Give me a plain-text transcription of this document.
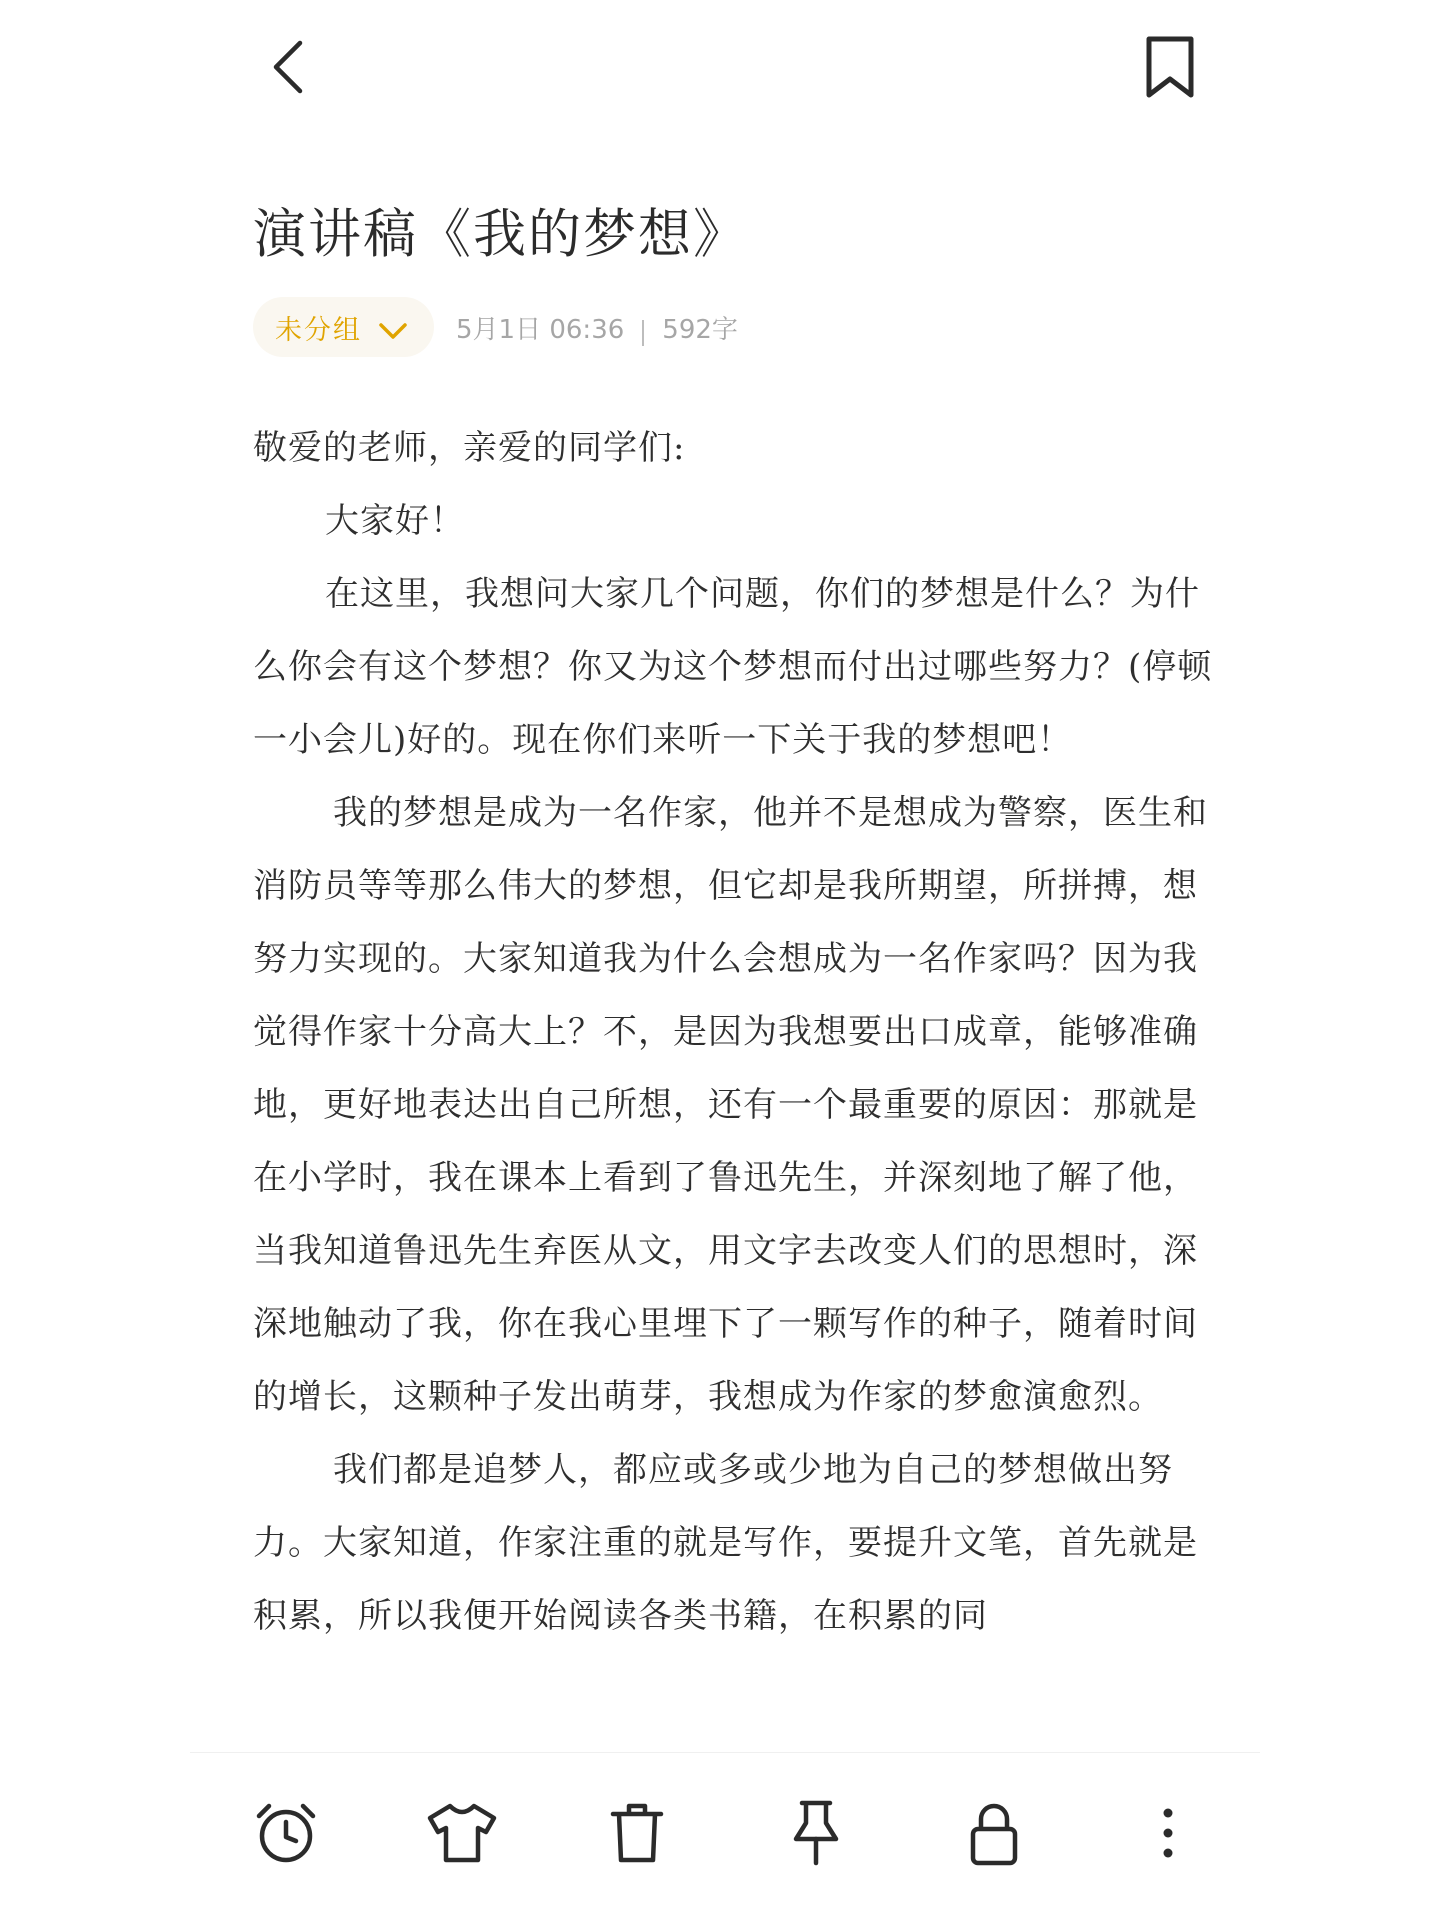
演讲稿《我的梦想》
未分组	5月1日 06:36 592字

敬爱的老师，亲爱的同学们:

大家好！

在这里，我想问大家几个问题，你们的梦想是什么？为什么你会有这个梦想？你又为这个梦想而付出过哪些努力？(停顿一小会儿)好的。现在你们来听一下关于我的梦想吧！

我的梦想是成为一名作家，他并不是想成为警察，医生和消防员等等那么伟大的梦想，但它却是我所期望，所拼搏，想努力实现的。大家知道我为什么会想成为一名作家吗？因为我觉得作家十分高大上？不，是因为我想要出口成章，能够准确地，更好地表达出自己所想，还有一个最重要的原因：那就是在小学时，我在课本上看到了鲁迅先生，并深刻地了解了他，当我知道鲁迅先生弃医从文，用文字去改变人们的思想时，深深地触动了我，你在我心里埋下了一颗写作的种子，随着时间的增长，这颗种子发出萌芽，我想成为作家的梦愈演愈烈。

我们都是追梦人，都应或多或少地为自己的梦想做出努力。大家知道，作家注重的就是写作，要提升文笔，首先就是积累，所以我便开始阅读各类书籍，在积累的同
